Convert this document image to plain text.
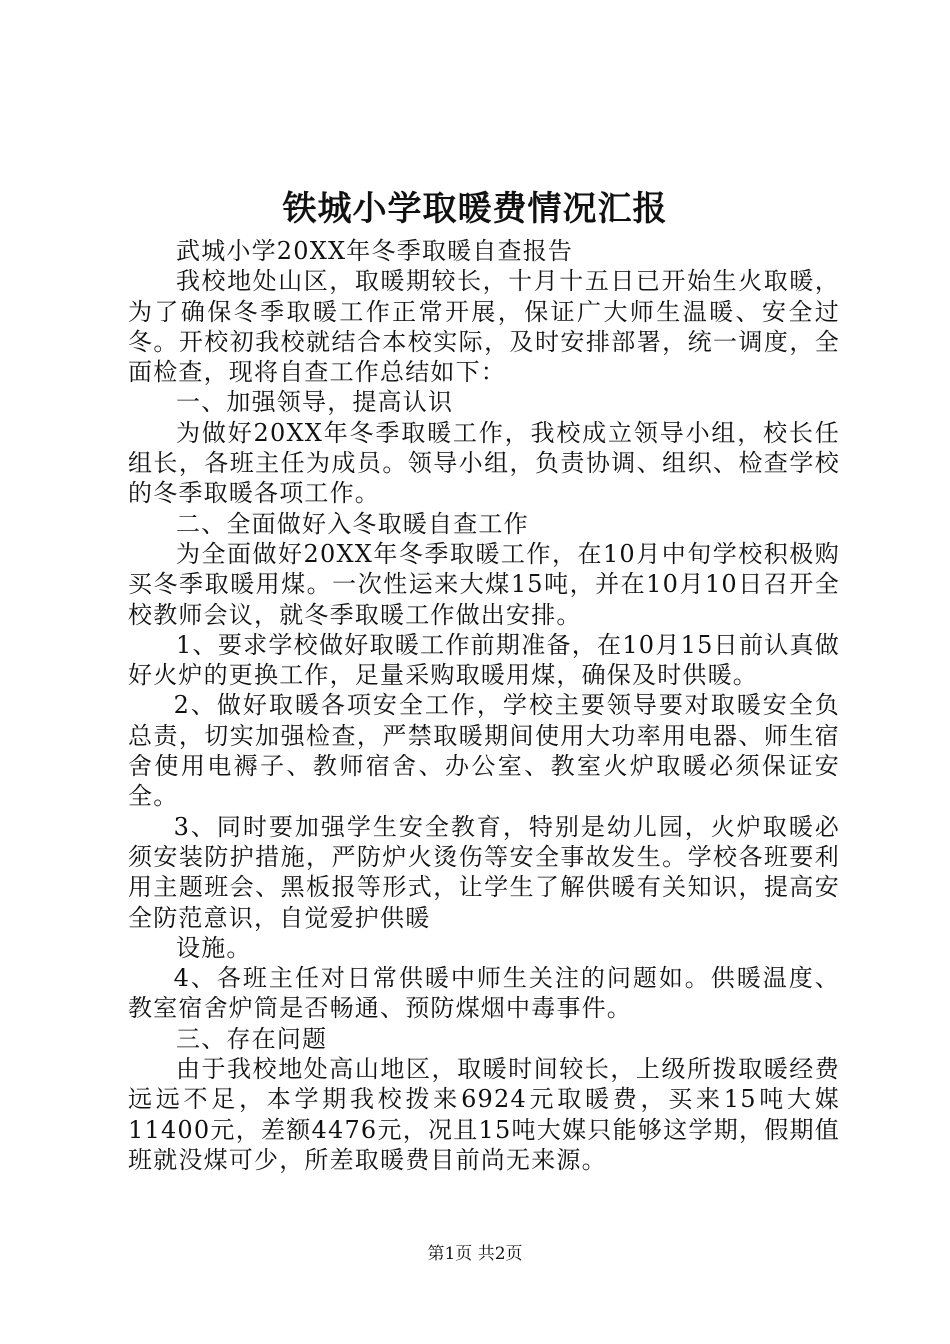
铁城小学取暖费情况汇报

武城小学20XX年冬季取暖自查报告

我校地处山区，取暖期较长，十月十五日已开始生火取暖，为了确保冬季取暖工作正常开展，保证广大师生温暖、安全过冬。开校初我校就结合本校实际，及时安排部署，统一调度，全面检查，现将自查工作总结如下：

一、加强领导，提高认识

为做好20XX年冬季取暖工作，我校成立领导小组，校长任组长，各班主任为成员。领导小组，负责协调、组织、检查学校的冬季取暖各项工作。

二、全面做好入冬取暖自查工作

为全面做好20XX年冬季取暖工作，在10月中旬学校积极购买冬季取暖用煤。一次性运来大煤15吨，并在10月10日召开全校教师会议，就冬季取暖工作做出安排。

1、要求学校做好取暖工作前期准备，在10月15日前认真做好火炉的更换工作，足量采购取暖用煤，确保及时供暖。

2、做好取暖各项安全工作，学校主要领导要对取暖安全负总责，切实加强检查，严禁取暖期间使用大功率用电器、师生宿舍使用电褥子、教师宿舍、办公室、教室火炉取暖必须保证安全。

3、同时要加强学生安全教育，特别是幼儿园，火炉取暖必须安装防护措施，严防炉火烫伤等安全事故发生。学校各班要利用主题班会、黑板报等形式，让学生了解供暖有关知识，提高安全防范意识，自觉爱护供暖

设施。

4、各班主任对日常供暖中师生关注的问题如。供暖温度、教室宿舍炉筒是否畅通、预防煤烟中毒事件。

三、存在问题

由于我校地处高山地区，取暖时间较长，上级所拨取暖经费远远不足，本学期我校拨来6924元取暖费，买来15吨大媒11400元，差额4476元，况且15吨大媒只能够这学期，假期值班就没煤可少，所差取暖费目前尚无来源。

第1页 共2页
